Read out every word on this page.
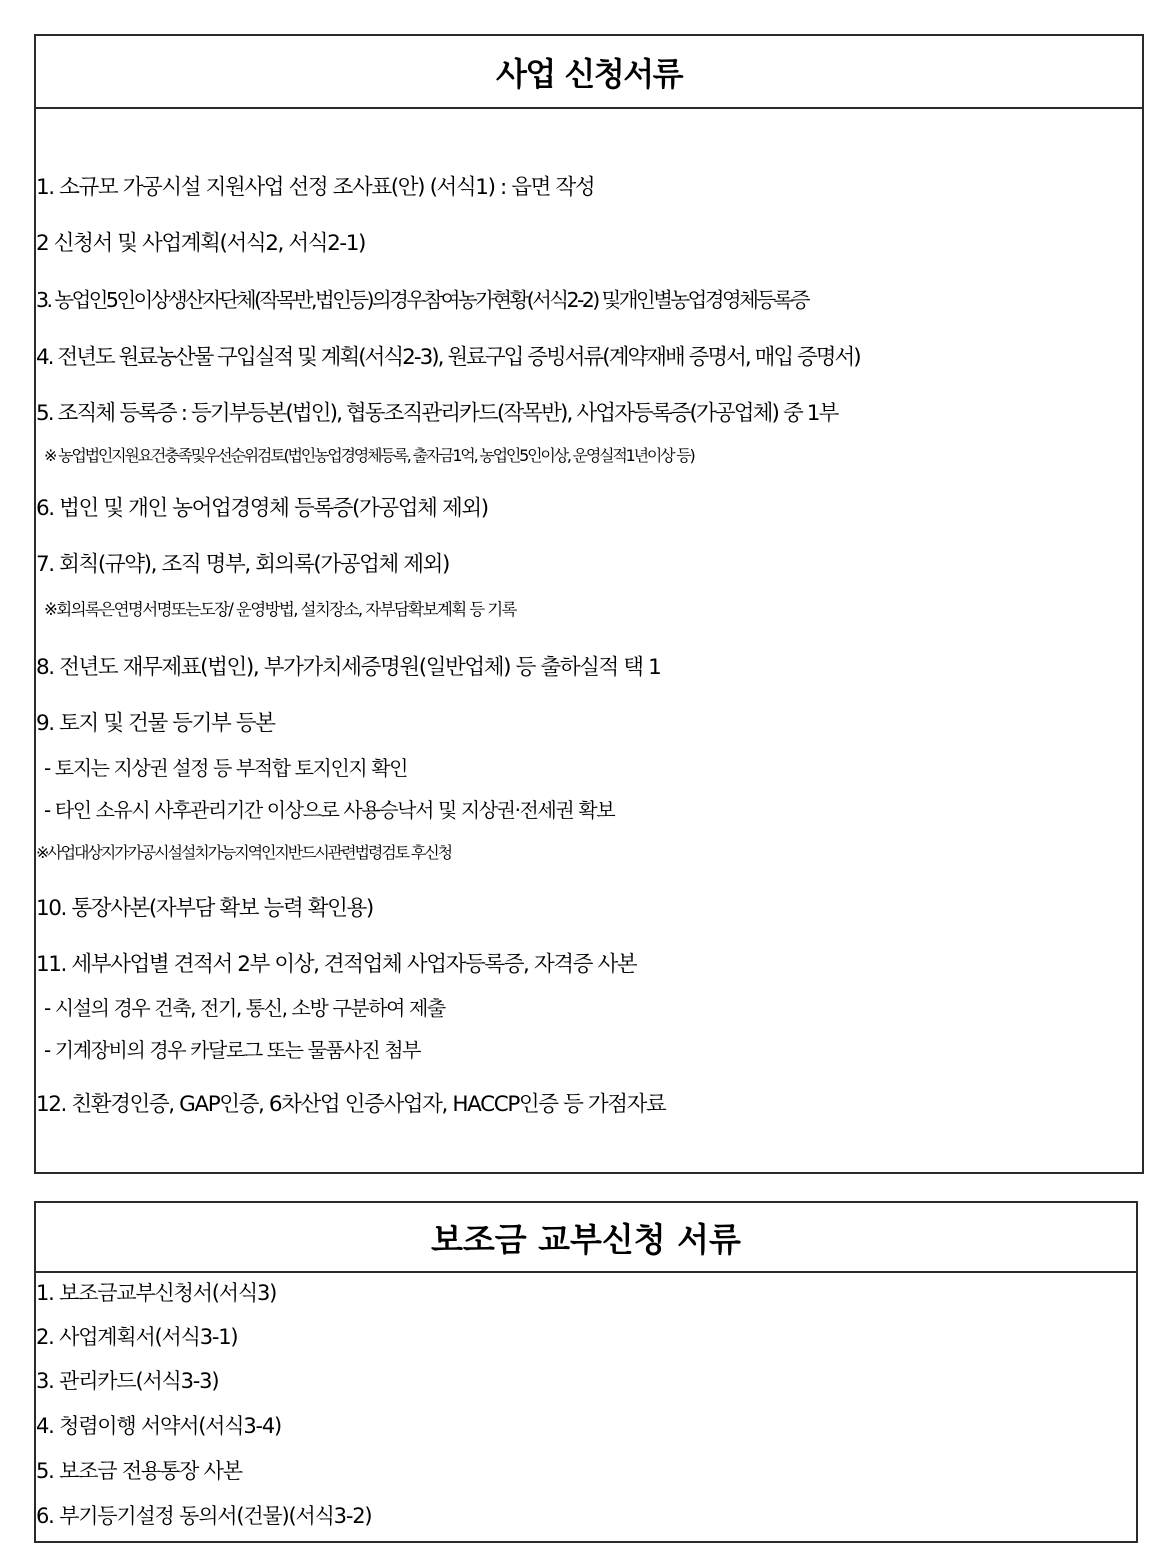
사업 신청서류
1. 소규모 가공시설 지원사업 선정 조사표(안) (서식1) : 읍면 작성
2 신청서 및 사업계획(서식2, 서식2-1)
3. 농업인5인이상생산자단체(작목반,법인등)의경우참여농가현황(서식2-2) 및개인별농업경영체등록증
4. 전년도 원료농산물 구입실적 및 계획(서식2-3), 원료구입 증빙서류(계약재배 증명서, 매입 증명서)
5. 조직체 등록증 : 등기부등본(법인), 협동조직관리카드(작목반), 사업자등록증(가공업체) 중 1부
※ 농업법인지원요건충족및우선순위검토(법인농업경영체등록, 출자금1억, 농업인5인이상, 운영실적1년이상 등)
6. 법인 및 개인 농어업경영체 등록증(가공업체 제외)
7. 회칙(규약), 조직 명부, 회의록(가공업체 제외)
※회의록은연명서명또는도장/ 운영방법, 설치장소, 자부담확보계획 등 기록
8. 전년도 재무제표(법인), 부가가치세증명원(일반업체) 등 출하실적 택 1
9. 토지 및 건물 등기부 등본
- 토지는 지상권 설정 등 부적합 토지인지 확인
- 타인 소유시 사후관리기간 이상으로 사용승낙서 및 지상권·전세권 확보
※사업대상지가가공시설설치가능지역인지반드시관련법령검토 후신청
10. 통장사본(자부담 확보 능력 확인용)
11. 세부사업별 견적서 2부 이상, 견적업체 사업자등록증, 자격증 사본
- 시설의 경우 건축, 전기, 통신, 소방 구분하여 제출
- 기계장비의 경우 카달로그 또는 물품사진 첨부
12. 친환경인증, GAP인증, 6차산업 인증사업자, HACCP인증 등 가점자료
보조금 교부신청 서류
1. 보조금교부신청서(서식3)
2. 사업계획서(서식3-1)
3. 관리카드(서식3-3)
4. 청렴이행 서약서(서식3-4)
5. 보조금 전용통장 사본
6. 부기등기설정 동의서(건물)(서식3-2)
